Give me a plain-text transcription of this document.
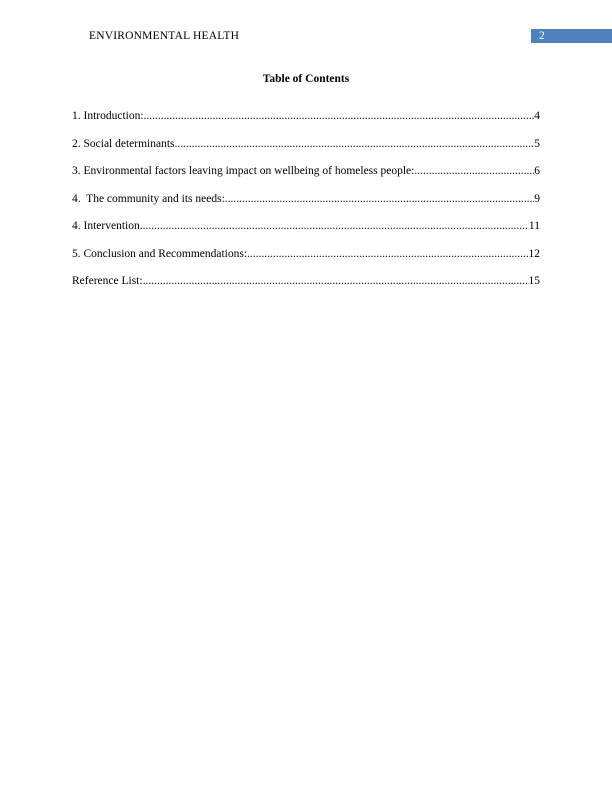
ENVIRONMENTAL HEALTH	2
Table of Contents
1. Introduction: .....	4
2. Social determinants .....	5
3. Environmental factors leaving impact on wellbeing of homeless people: .....	6
4.  The community and its needs: .....	9
4. Intervention .....	11
5. Conclusion and Recommendations: .....	12
Reference List: .....	15
